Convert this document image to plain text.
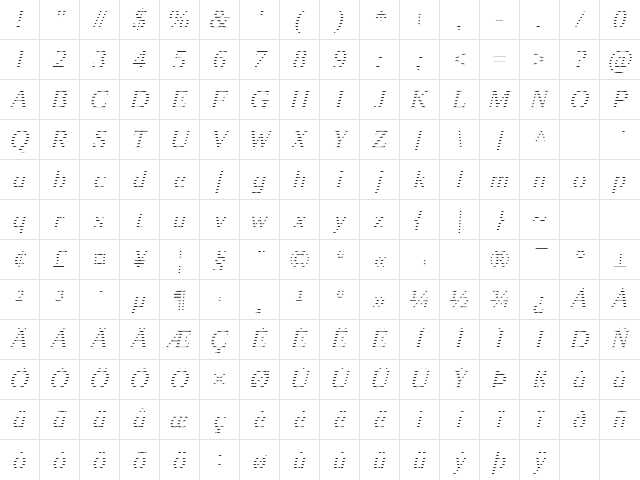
! " # $ % & ' ( ) * + , - . / 0
1 2 3 4 5 6 7 8 9 : ; < = > ? @
A B C D E F G H I J K L M N O P
Q R S T U V W X Y Z [ \ ] ^ _ `
a b c d e f g h i j k l m n o p
q r s t u v w x y z { | } ~
¢ £ ¤ ¥ ¦ § ¨ © ª « ¬	® ¯ ° ±
² ³ ´ µ ¶ · ¸ ¹ º » ¼ ½ ¾ ¿ À Á
Â Ã Ä Å Æ Ç È É Ê Ë Ì Í Î Ï Ð Ñ
Ò Ó Ô Õ Ö × Ø Ù Ú Û Ü Ý Þ ß à á
â ã ä å æ ç è é ê ë ì í î ï ð ñ
ò ó ô õ ö ÷ ø ù ú û ü ý þ ÿ
